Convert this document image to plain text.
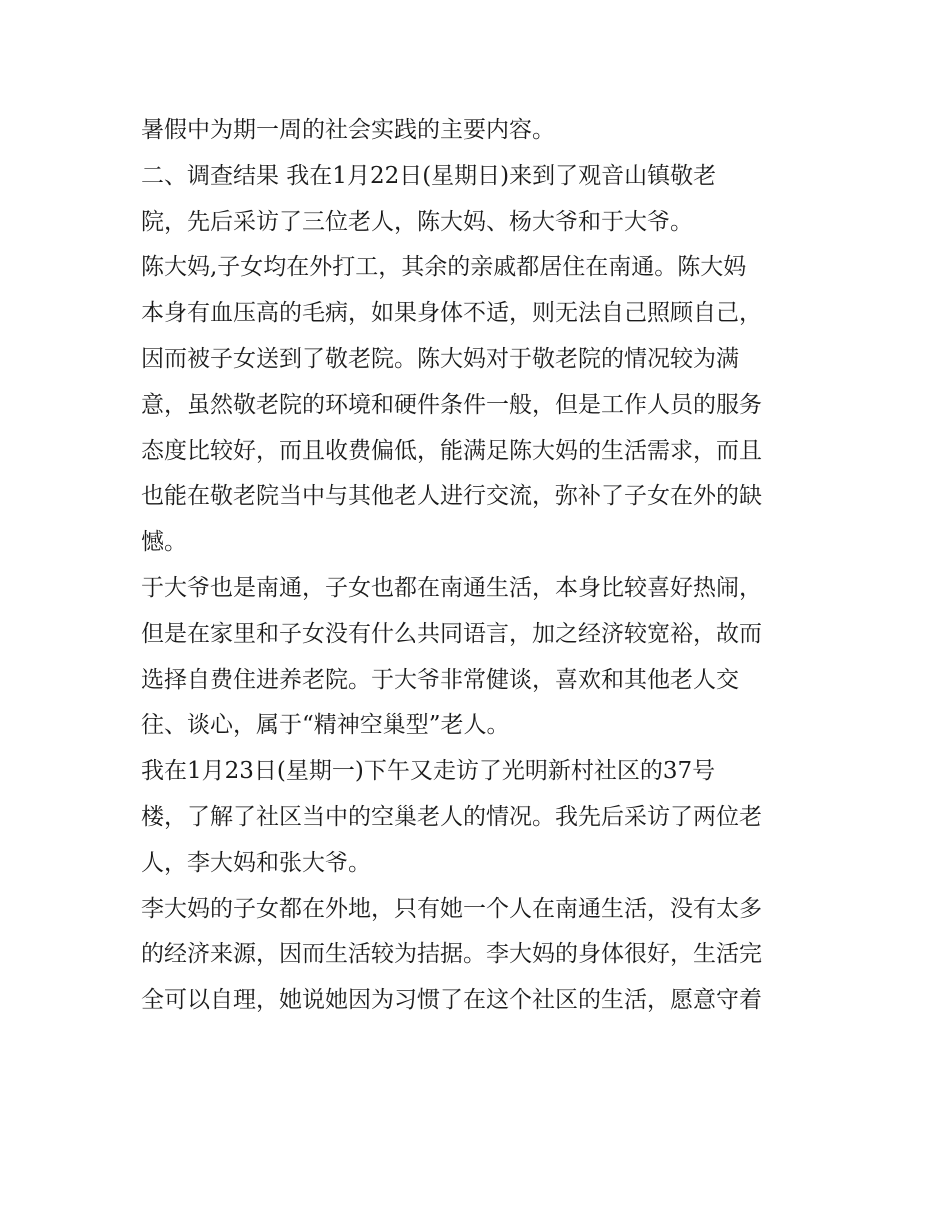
暑假中为期一周的社会实践的主要内容。
二、调查结果 我在1月22日(星期日)来到了观音山镇敬老
院，先后采访了三位老人，陈大妈、杨大爷和于大爷。
陈大妈,子女均在外打工，其余的亲戚都居住在南通。陈大妈
本身有血压高的毛病，如果身体不适，则无法自己照顾自己，
因而被子女送到了敬老院。陈大妈对于敬老院的情况较为满
意，虽然敬老院的环境和硬件条件一般，但是工作人员的服务
态度比较好，而且收费偏低，能满足陈大妈的生活需求，而且
也能在敬老院当中与其他老人进行交流，弥补了子女在外的缺
憾。
于大爷也是南通，子女也都在南通生活，本身比较喜好热闹，
但是在家里和子女没有什么共同语言，加之经济较宽裕，故而
选择自费住进养老院。于大爷非常健谈，喜欢和其他老人交
往、谈心，属于“精神空巢型”老人。
我在1月23日(星期一)下午又走访了光明新村社区的37号
楼，了解了社区当中的空巢老人的情况。我先后采访了两位老
人，李大妈和张大爷。
李大妈的子女都在外地，只有她一个人在南通生活，没有太多
的经济来源，因而生活较为拮据。李大妈的身体很好，生活完
全可以自理，她说她因为习惯了在这个社区的生活，愿意守着
